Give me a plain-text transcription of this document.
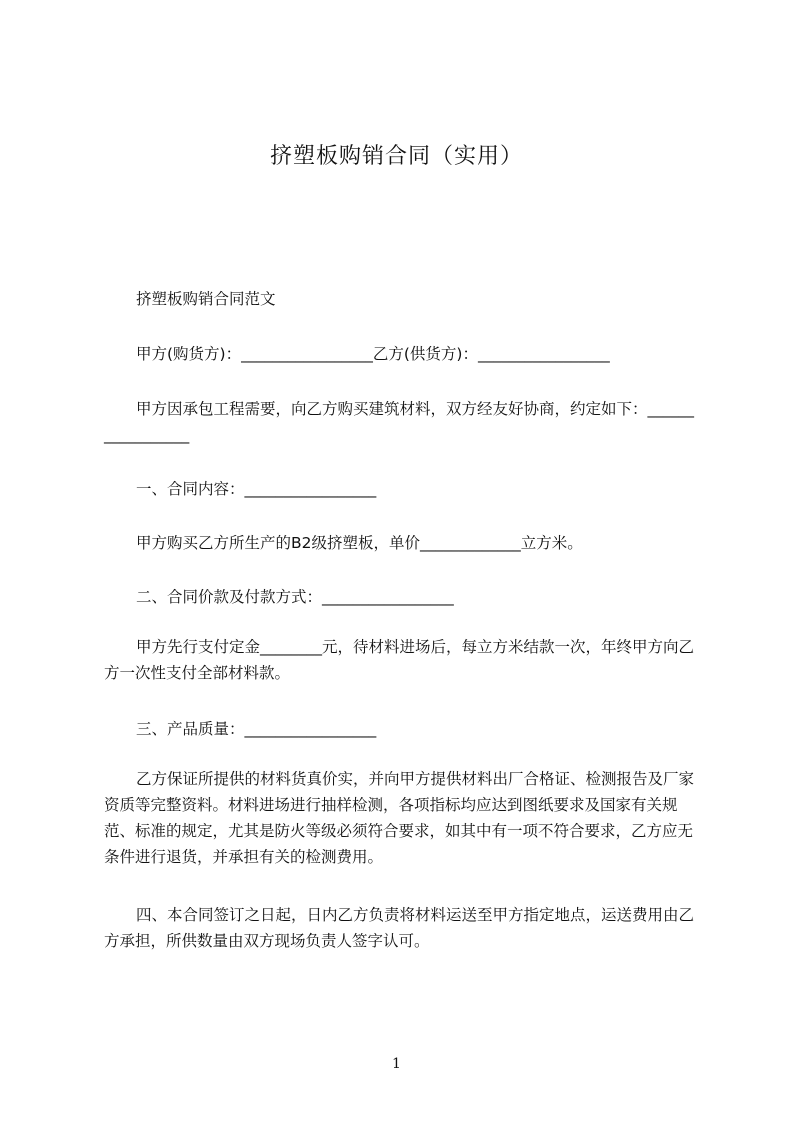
挤塑板购销合同（实用）
挤塑板购销合同范文
甲方(购货方)：_________________乙方(供货方)：_________________
甲方因承包工程需要，向乙方购买建筑材料，双方经友好协商，约定如下：_________________
一、合同内容：_________________
甲方购买乙方所生产的B2级挤塑板，单价_____________立方米。
二、合同价款及付款方式：_________________
甲方先行支付定金________元，待材料进场后，每立方米结款一次，年终甲方向乙方一次性支付全部材料款。
三、产品质量：_________________
乙方保证所提供的材料货真价实，并向甲方提供材料出厂合格证、检测报告及厂家资质等完整资料。材料进场进行抽样检测，各项指标均应达到图纸要求及国家有关规范、标准的规定，尤其是防火等级必须符合要求，如其中有一项不符合要求，乙方应无条件进行退货，并承担有关的检测费用。
四、本合同签订之日起，日内乙方负责将材料运送至甲方指定地点，运送费用由乙方承担，所供数量由双方现场负责人签字认可。
1
